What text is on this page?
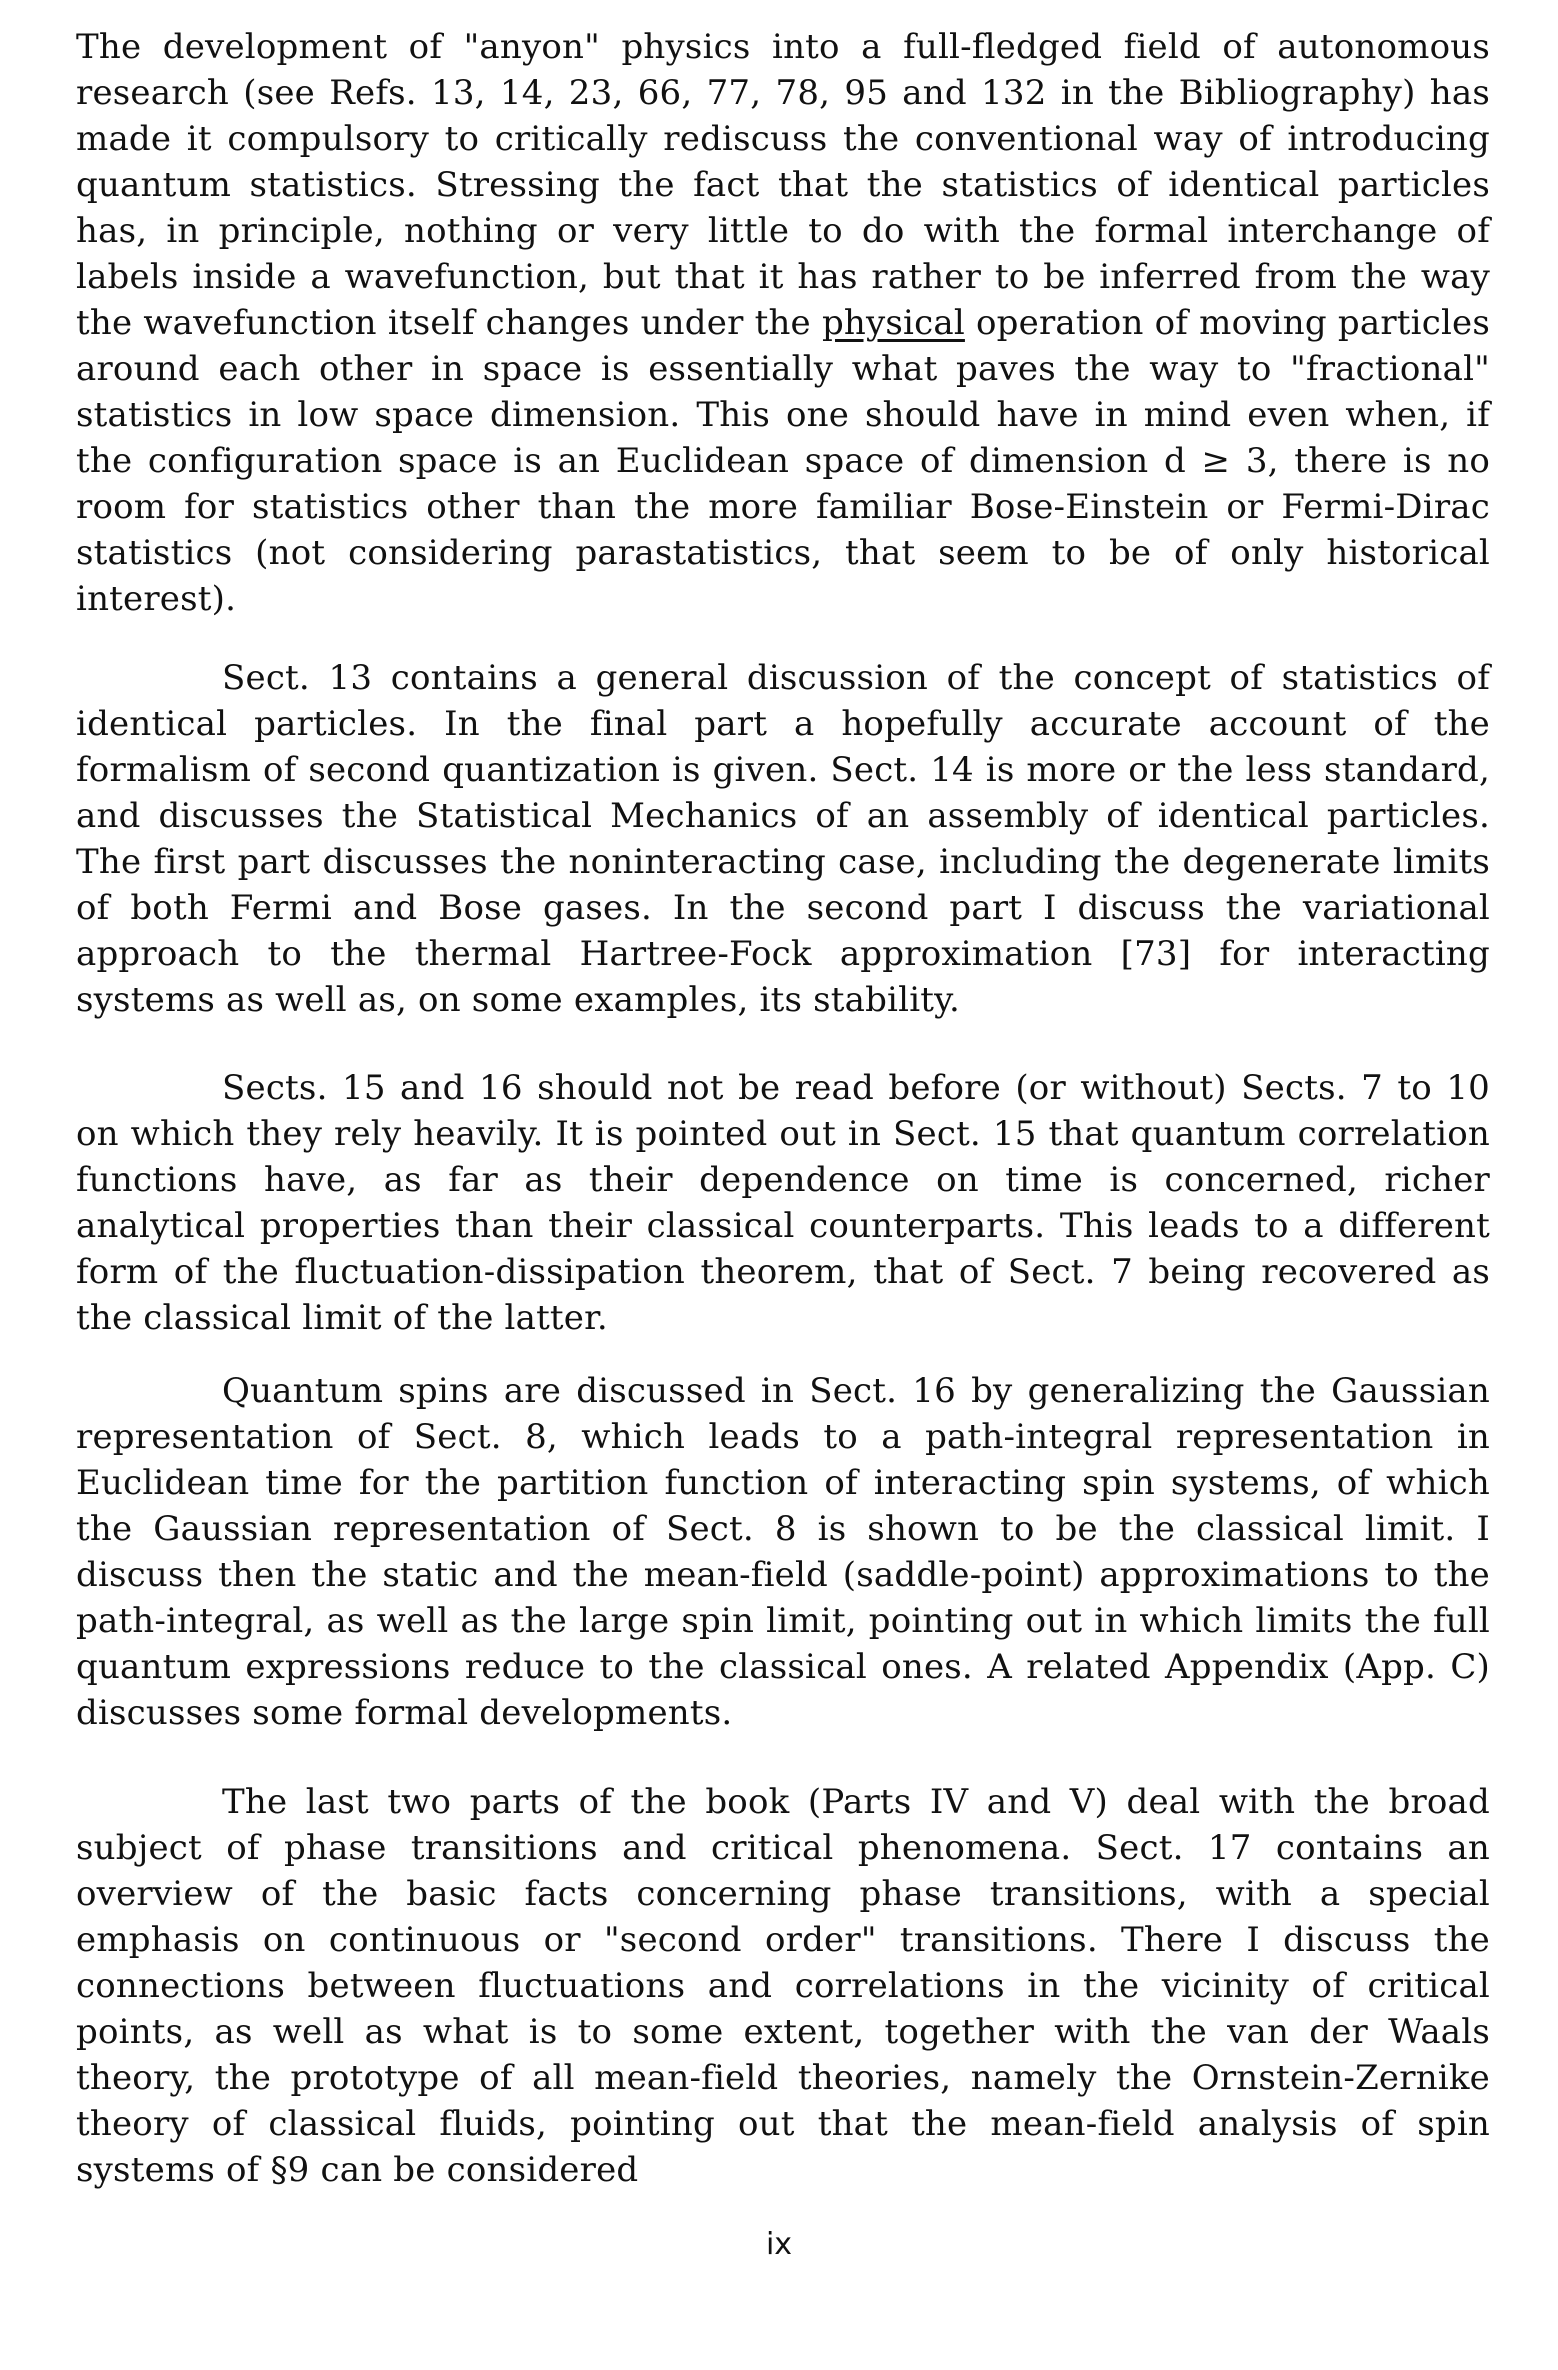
The development of "anyon" physics into a full-fledged field of autonomous research (see Refs. 13, 14, 23, 66, 77, 78, 95 and 132 in the Bibliography) has made it compulsory to critically rediscuss the conventional way of introducing quantum statistics. Stressing the fact that the statistics of identical particles has, in principle, nothing or very little to do with the formal interchange of labels inside a wavefunction, but that it has rather to be inferred from the way the wavefunction itself changes under the physical operation of moving particles around each other in space is essentially what paves the way to "fractional" statistics in low space dimension. This one should have in mind even when, if the configuration space is an Euclidean space of dimension d ≥ 3, there is no room for statistics other than the more familiar Bose-Einstein or Fermi-Dirac statistics (not considering parastatistics, that seem to be of only historical interest).

Sect. 13 contains a general discussion of the concept of statistics of identical particles. In the final part a hopefully accurate account of the formalism of second quantization is given. Sect. 14 is more or the less standard, and discusses the Statistical Mechanics of an assembly of identical particles. The first part discusses the noninteracting case, including the degenerate limits of both Fermi and Bose gases. In the second part I discuss the variational approach to the thermal Hartree-Fock approximation [73] for interacting systems as well as, on some examples, its stability.

Sects. 15 and 16 should not be read before (or without) Sects. 7 to 10 on which they rely heavily. It is pointed out in Sect. 15 that quantum correlation functions have, as far as their dependence on time is concerned, richer analytical properties than their classical counterparts. This leads to a different form of the fluctuation-dissipation theorem, that of Sect. 7 being recovered as the classical limit of the latter.

Quantum spins are discussed in Sect. 16 by generalizing the Gaussian representation of Sect. 8, which leads to a path-integral representation in Euclidean time for the partition function of interacting spin systems, of which the Gaussian representation of Sect. 8 is shown to be the classical limit. I discuss then the static and the mean-field (saddle-point) approximations to the path-integral, as well as the large spin limit, pointing out in which limits the full quantum expressions reduce to the classical ones. A related Appendix (App. C) discusses some formal developments.

The last two parts of the book (Parts IV and V) deal with the broad subject of phase transitions and critical phenomena. Sect. 17 contains an overview of the basic facts concerning phase transitions, with a special emphasis on continuous or "second order" transitions. There I discuss the connections between fluctuations and correlations in the vicinity of critical points, as well as what is to some extent, together with the van der Waals theory, the prototype of all mean-field theories, namely the Ornstein-Zernike theory of classical fluids, pointing out that the mean-field analysis of spin systems of §9 can be considered

ix
